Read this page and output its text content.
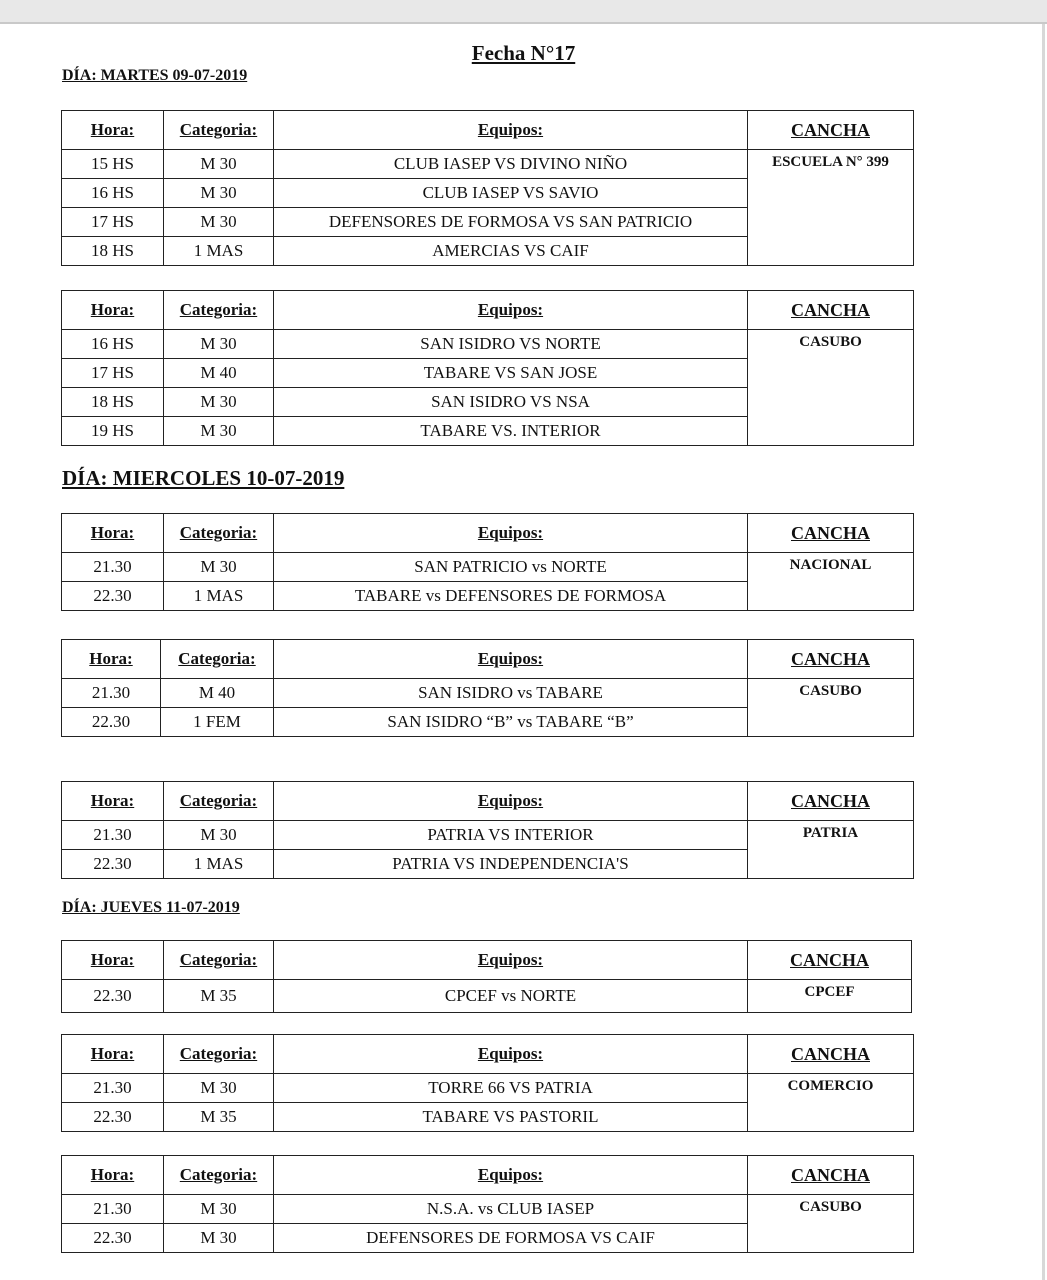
Fecha N°17
DÍA: MARTES 09-07-2019
DÍA: MIERCOLES 10-07-2019
DÍA: JUEVES 11-07-2019
Hora:	Categoria:	Equipos:	CANCHA
15 HS	M 30	CLUB IASEP VS DIVINO NIÑO	ESCUELA N° 399
16 HS	M 30	CLUB IASEP VS SAVIO	
17 HS	M 30	DEFENSORES DE FORMOSA VS SAN PATRICIO	
18 HS	1 MAS	AMERCIAS VS CAIF	
Hora:	Categoria:	Equipos:	CANCHA
16 HS	M 30	SAN ISIDRO VS NORTE	CASUBO
17 HS	M 40	TABARE VS SAN JOSE	
18 HS	M 30	SAN ISIDRO VS NSA	
19 HS	M 30	TABARE VS. INTERIOR	
Hora:	Categoria:	Equipos:	CANCHA
21.30	M 30	SAN PATRICIO vs NORTE	NACIONAL
22.30	1 MAS	TABARE vs DEFENSORES DE FORMOSA	
Hora:	Categoria:	Equipos:	CANCHA
21.30	M 40	SAN ISIDRO vs TABARE	CASUBO
22.30	1 FEM	SAN ISIDRO “B” vs TABARE “B”	
Hora:	Categoria:	Equipos:	CANCHA
21.30	M 30	PATRIA VS INTERIOR	PATRIA
22.30	1 MAS	PATRIA VS INDEPENDENCIA'S	
Hora:	Categoria:	Equipos:	CANCHA
22.30	M 35	CPCEF vs NORTE	CPCEF
Hora:	Categoria:	Equipos:	CANCHA
21.30	M 30	TORRE 66 VS PATRIA	COMERCIO
22.30	M 35	TABARE VS PASTORIL	
Hora:	Categoria:	Equipos:	CANCHA
21.30	M 30	N.S.A. vs CLUB IASEP	CASUBO
22.30	M 30	DEFENSORES DE FORMOSA VS CAIF	
